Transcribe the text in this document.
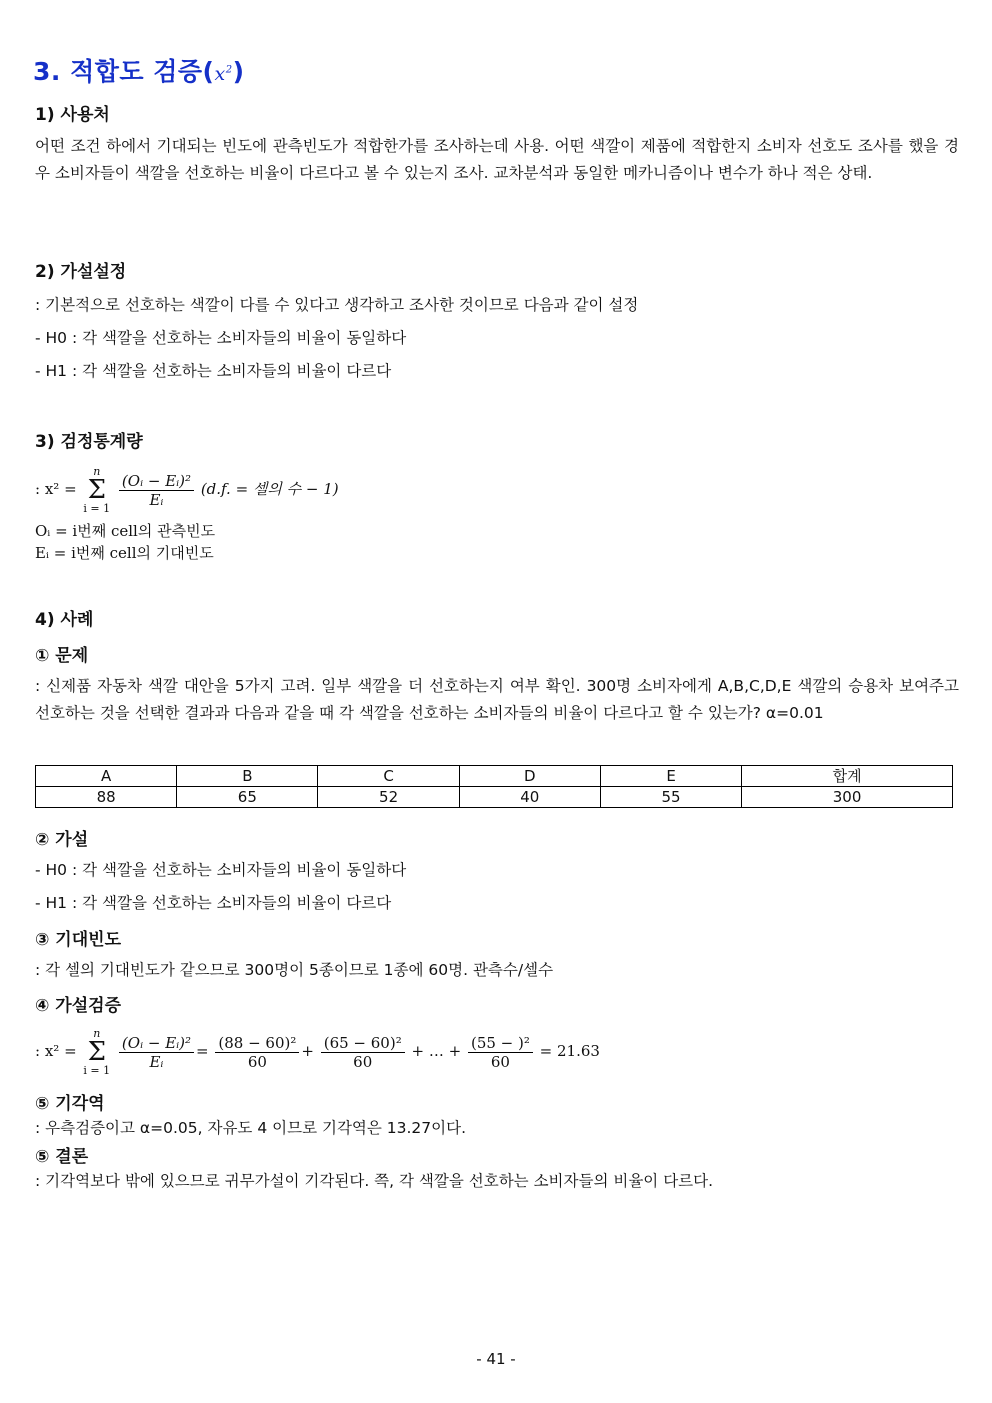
3. 적합도 검증$(x^2)$
1) 사용처
어떤 조건 하에서 기대되는 빈도에 관측빈도가 적합한가를 조사하는데 사용. 어떤 색깔이 제품에 적합한지 소비자 선호도 조사를 했을 경우 소비자들이 색깔을 선호하는 비율이 다르다고 볼 수 있는지 조사. 교차분석과 동일한 메카니즘이나 변수가 하나 적은 상태.
2) 가설설정
: 기본적으로 선호하는 색깔이 다를 수 있다고 생각하고 조사한 것이므로 다음과 같이 설정
- H0 : 각 색깔을 선호하는 소비자들의 비율이 동일하다
- H1 : 각 색깔을 선호하는 소비자들의 비율이 다르다
3) 검정통계량
: x² = n
Σ
$i = 1 \frac{\text{(Oᵢ − Eᵢ)²}}{\text{Eᵢ}} (d.f$. = 셀의 수 − 1)
Oᵢ = i번째 cell의 관측빈도
Eᵢ = i번째 cell의 기대빈도
4) 사례
① 문제
: 신제품 자동차 색깔 대안을 5가지 고려. 일부 색깔을 더 선호하는지 여부 확인. 300명 소비자에게 A,B,C,D,E 색깔의 승용차 보여주고 선호하는 것을 선택한 결과과 다음과 같을 때 각 색깔을 선호하는 소비자들의 비율이 다르다고 할 수 있는가? α=0.01
A	B	C	D	E	합계
88	65	52	40	55	300
② 가설
- H0 : 각 색깔을 선호하는 소비자들의 비율이 동일하다
- H1 : 각 색깔을 선호하는 소비자들의 비율이 다르다
③ 기대빈도
: 각 셀의 기대빈도가 같으므로 300명이 5종이므로 1종에 60명. 관측수/셀수
④ 가설검증
: x² = n
Σ
$i = 1 \frac{\text{(Oᵢ − Eᵢ)²}}{\text{Eᵢ}} = \frac{\text{(88 − 60)²}}{60} + \frac{\text{(65 − 60)²}}{60}$ + … + $\frac{\text{(55 − )²}}{60} = 21.63$
⑤ 기각역
: 우측검증이고 α=0.05, 자유도 4 이므로 기각역은 13.27이다.
⑤ 결론
: 기각역보다 밖에 있으므로 귀무가설이 기각된다. 쯕, 각 색깔을 선호하는 소비자들의 비율이 다르다.
- 41 -
